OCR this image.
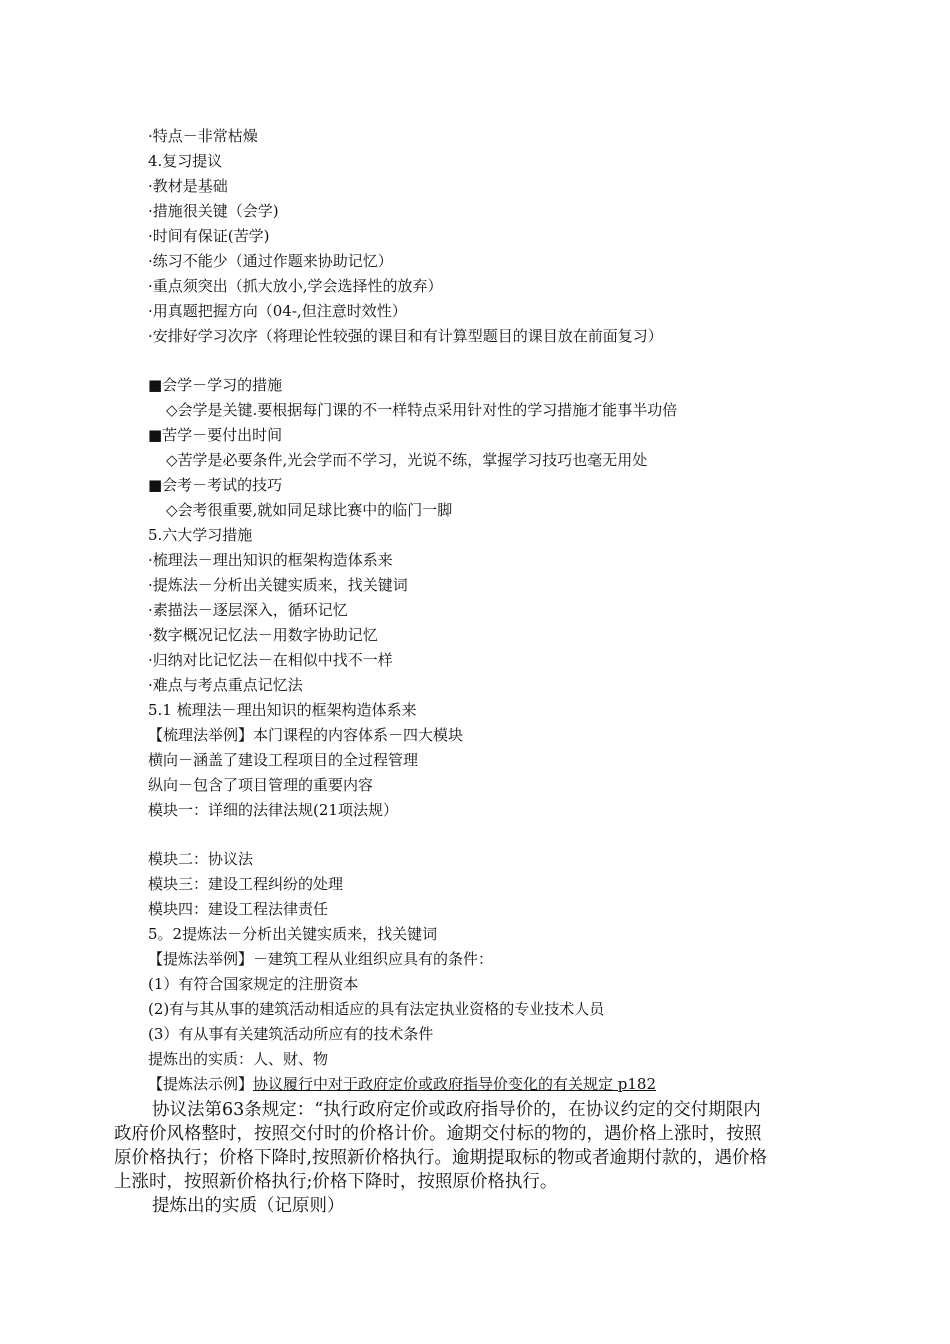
·特点－非常枯燥
4.复习提议
·教材是基础
·措施很关键（会学)
·时间有保证(苦学)
·练习不能少（通过作题来协助记忆）
·重点须突出（抓大放小,学会选择性的放弃）
·用真题把握方向（04-,但注意时效性）
·安排好学习次序（将理论性较强的课目和有计算型题目的课目放在前面复习）
■会学－学习的措施
◇会学是关键.要根据每门课的不一样特点采用针对性的学习措施才能事半功倍
■苦学－要付出时间
◇苦学是必要条件,光会学而不学习，光说不练，掌握学习技巧也毫无用处
■会考－考试的技巧
◇会考很重要,就如同足球比赛中的临门一脚
5.六大学习措施
·梳理法－理出知识的框架构造体系来
·提炼法－分析出关键实质来，找关键词
·素描法－逐层深入，循环记忆
·数字概况记忆法－用数字协助记忆
·归纳对比记忆法－在相似中找不一样
·难点与考点重点记忆法
5.1 梳理法－理出知识的框架构造体系来
【梳理法举例】本门课程的内容体系－四大模块
横向－涵盖了建设工程项目的全过程管理
纵向－包含了项目管理的重要内容
模块一：详细的法律法规(21项法规）
模块二：协议法
模块三：建设工程纠纷的处理
模块四：建设工程法律责任
5。2提炼法－分析出关键实质来，找关键词
【提炼法举例】－建筑工程从业组织应具有的条件：
(1）有符合国家规定的注册资本
(2)有与其从事的建筑活动相适应的具有法定执业资格的专业技术人员
(3）有从事有关建筑活动所应有的技术条件
提炼出的实质：人、财、物
【提炼法示例】协议履行中对于政府定价或政府指导价变化的有关规定 p182
协议法第63条规定：“执行政府定价或政府指导价的，在协议约定的交付期限内
政府价风格整时，按照交付时的价格计价。逾期交付标的物的，遇价格上涨时，按照
原价格执行；价格下降时,按照新价格执行。逾期提取标的物或者逾期付款的，遇价格
上涨时，按照新价格执行;价格下降时，按照原价格执行。
提炼出的实质（记原则）
